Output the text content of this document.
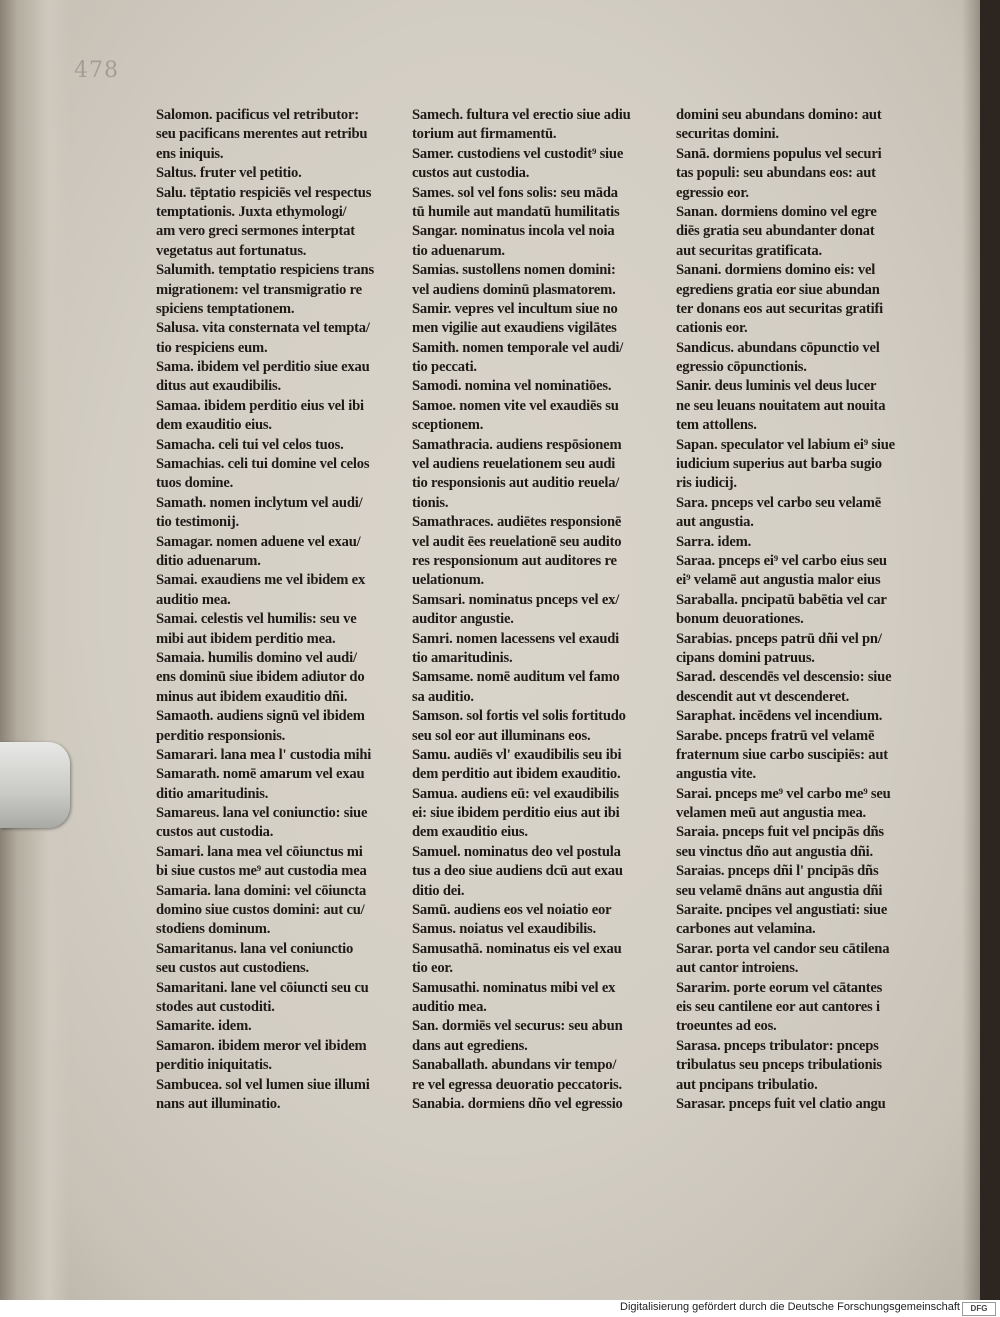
478
Salomon. pacificus vel retributor:
seu pacificans merentes aut retribu
ens iniquis.
Saltus. fruter vel petitio.
Salu. tēptatio respiciēs vel respectus
temptationis. Juxta ethymologi/
am vero greci sermones interptat
vegetatus aut fortunatus.
Salumith. temptatio respiciens trans
migrationem: vel transmigratio re
spiciens temptationem.
Salusa. vita consternata vel tempta/
tio respiciens eum.
Sama. ibidem vel perditio siue exau
ditus aut exaudibilis.
Samaa. ibidem perditio eius vel ibi
dem exauditio eius.
Samacha. celi tui vel celos tuos.
Samachias. celi tui domine vel celos
tuos domine.
Samath. nomen inclytum vel audi/
tio testimonij.
Samagar. nomen aduene vel exau/
ditio aduenarum.
Samai. exaudiens me vel ibidem ex
auditio mea.
Samai. celestis vel humilis: seu ve
mibi aut ibidem perditio mea.
Samaia. humilis domino vel audi/
ens dominū siue ibidem adiutor do
minus aut ibidem exauditio dñi.
Samaoth. audiens signū vel ibidem
perditio responsionis.
Samarari. lana mea l' custodia mihi
Samarath. nomē amarum vel exau
ditio amaritudinis.
Samareus. lana vel coniunctio: siue
custos aut custodia.
Samari. lana mea vel cōiunctus mi
bi siue custos me⁹ aut custodia mea
Samaria. lana domini: vel cōiuncta
domino siue custos domini: aut cu/
stodiens dominum.
Samaritanus. lana vel coniunctio
seu custos aut custodiens.
Samaritani. lane vel cōiuncti seu cu
stodes aut custoditi.
Samarite. idem.
Samaron. ibidem meror vel ibidem
perditio iniquitatis.
Sambucea. sol vel lumen siue illumi
nans aut illuminatio.
Samech. fultura vel erectio siue adiu
torium aut firmamentū.
Samer. custodiens vel custodit⁹ siue
custos aut custodia.
Sames. sol vel fons solis: seu māda
tū humile aut mandatū humilitatis
Sangar. nominatus incola vel noia
tio aduenarum.
Samias. sustollens nomen domini:
vel audiens dominū plasmatorem.
Samir. vepres vel incultum siue no
men vigilie aut exaudiens vigilātes
Samith. nomen temporale vel audi/
tio peccati.
Samodi. nomina vel nominatiōes.
Samoe. nomen vite vel exaudiēs su
sceptionem.
Samathracia. audiens respōsionem
vel audiens reuelationem seu audi
tio responsionis aut auditio reuela/
tionis.
Samathraces. audiētes responsionē
vel audit ēes reuelationē seu audito
res responsionum aut auditores re
uelationum.
Samsari. nominatus pnceps vel ex/
auditor angustie.
Samri. nomen lacessens vel exaudi
tio amaritudinis.
Samsame. nomē auditum vel famo
sa auditio.
Samson. sol fortis vel solis fortitudo
seu sol eor aut illuminans eos.
Samu. audiēs vl' exaudibilis seu ibi
dem perditio aut ibidem exauditio.
Samua. audiens eū: vel exaudibilis
ei: siue ibidem perditio eius aut ibi
dem exauditio eius.
Samuel. nominatus deo vel postula
tus a deo siue audiens dcū aut exau
ditio dei.
Samū. audiens eos vel noiatio eor
Samus. noiatus vel exaudibilis.
Samusathā. nominatus eis vel exau
tio eor.
Samusathi. nominatus mibi vel ex
auditio mea.
San. dormiēs vel securus: seu abun
dans aut egrediens.
Sanaballath. abundans vir tempo/
re vel egressa deuoratio peccatoris.
Sanabia. dormiens dño vel egressio
domini seu abundans domino: aut
securitas domini.
Sanā. dormiens populus vel securi
tas populi: seu abundans eos: aut
egressio eor.
Sanan. dormiens domino vel egre
diēs gratia seu abundanter donat
aut securitas gratificata.
Sanani. dormiens domino eis: vel
egrediens gratia eor siue abundan
ter donans eos aut securitas gratifi
cationis eor.
Sandicus. abundans cōpunctio vel
egressio cōpunctionis.
Sanir. deus luminis vel deus lucer
ne seu leuans nouitatem aut nouita
tem attollens.
Sapan. speculator vel labium ei⁹ siue
iudicium superius aut barba sugio
ris iudicij.
Sara. pnceps vel carbo seu velamē
aut angustia.
Sarra. idem.
Saraa. pnceps ei⁹ vel carbo eius seu
ei⁹ velamē aut angustia malor eius
Saraballa. pncipatū babētia vel car
bonum deuorationes.
Sarabias. pnceps patrū dñi vel pn/
cipans domini patruus.
Sarad. descendēs vel descensio: siue
descendit aut vt descenderet.
Saraphat. incēdens vel incendium.
Sarabe. pnceps fratrū vel velamē
fraternum siue carbo suscipiēs: aut
angustia vite.
Sarai. pnceps me⁹ vel carbo me⁹ seu
velamen meū aut angustia mea.
Saraia. pnceps fuit vel pncipās dñs
seu vinctus dño aut angustia dñi.
Saraias. pnceps dñi l' pncipās dñs
seu velamē dnāns aut angustia dñi
Saraite. pncipes vel angustiati: siue
carbones aut velamina.
Sarar. porta vel candor seu cātilena
aut cantor introiens.
Sararim. porte eorum vel cātantes
eis seu cantilene eor aut cantores i
troeuntes ad eos.
Sarasa. pnceps tribulator: pnceps
tribulatus seu pnceps tribulationis
aut pncipans tribulatio.
Sarasar. pnceps fuit vel clatio angu
Digitalisierung gefördert durch die Deutsche Forschungsgemeinschaft	DFG
